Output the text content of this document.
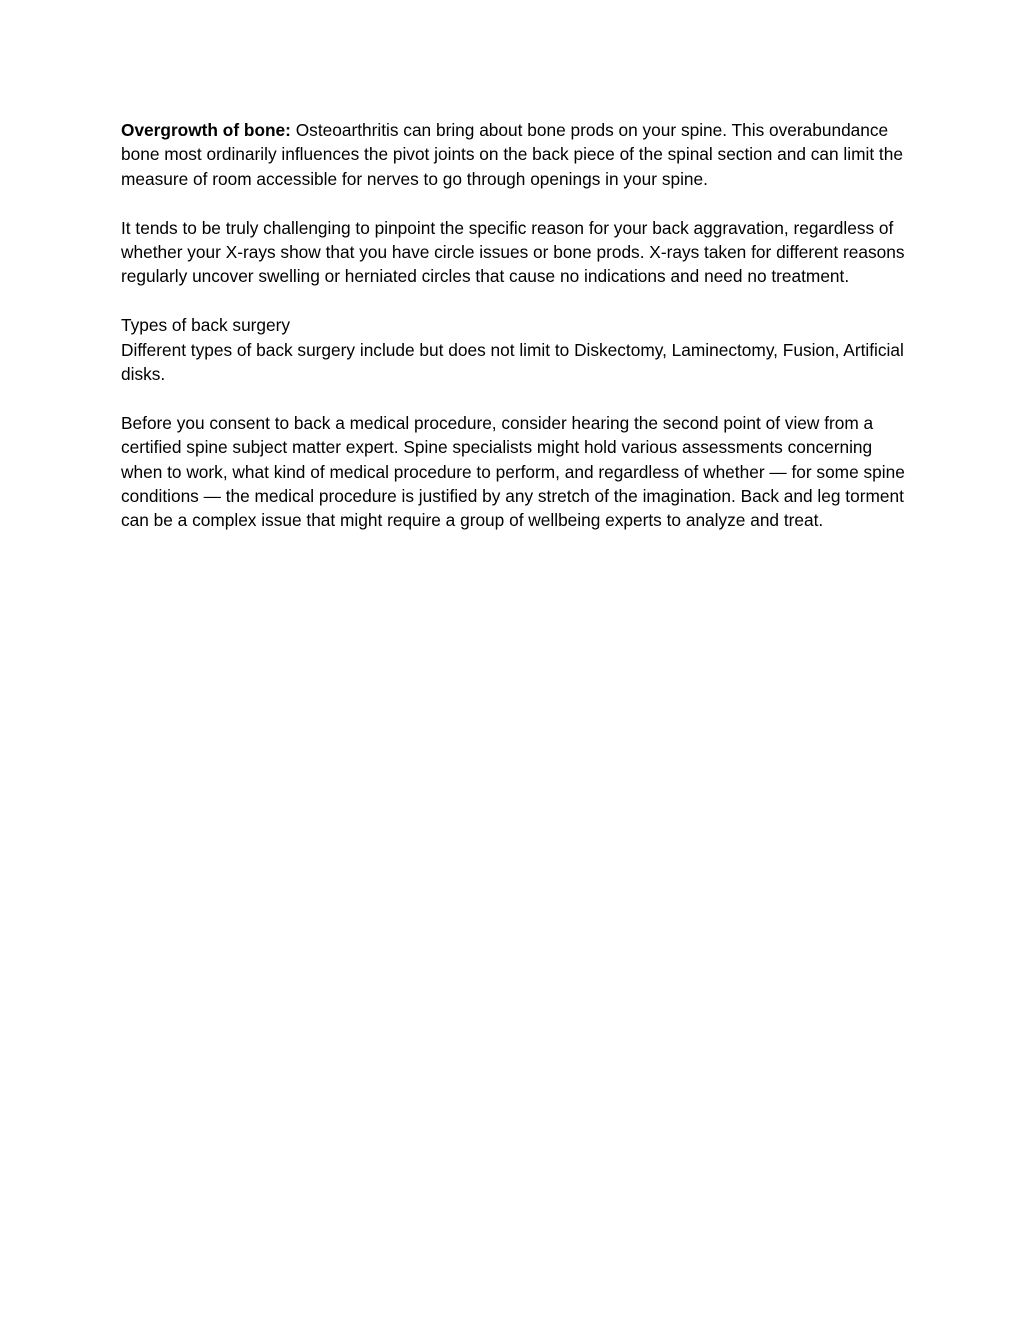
Overgrowth of bone: Osteoarthritis can bring about bone prods on your spine. This overabundance bone most ordinarily influences the pivot joints on the back piece of the spinal section and can limit the measure of room accessible for nerves to go through openings in your spine.

It tends to be truly challenging to pinpoint the specific reason for your back aggravation, regardless of whether your X-rays show that you have circle issues or bone prods. X-rays taken for different reasons regularly uncover swelling or herniated circles that cause no indications and need no treatment.

Types of back surgery
Different types of back surgery include but does not limit to Diskectomy, Laminectomy, Fusion, Artificial disks.

Before you consent to back a medical procedure, consider hearing the second point of view from a certified spine subject matter expert. Spine specialists might hold various assessments concerning when to work, what kind of medical procedure to perform, and regardless of whether — for some spine conditions — the medical procedure is justified by any stretch of the imagination. Back and leg torment can be a complex issue that might require a group of wellbeing experts to analyze and treat.
